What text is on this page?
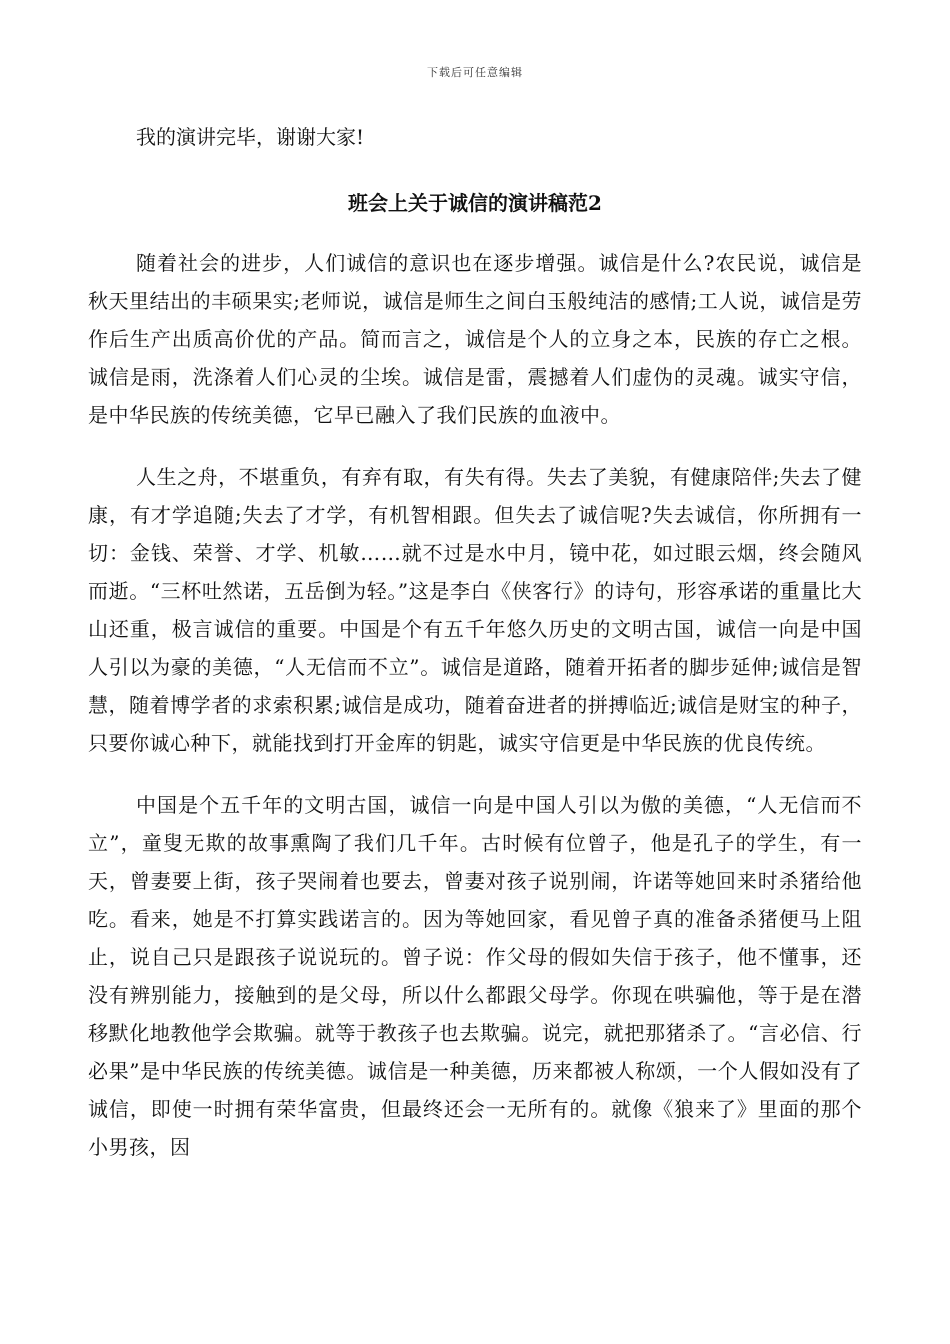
下载后可任意编辑

我的演讲完毕，谢谢大家!

班会上关于诚信的演讲稿范2

随着社会的进步，人们诚信的意识也在逐步增强。诚信是什么?农民说，诚信是秋天里结出的丰硕果实;老师说，诚信是师生之间白玉般纯洁的感情;工人说，诚信是劳作后生产出质高价优的产品。简而言之，诚信是个人的立身之本，民族的存亡之根。诚信是雨，洗涤着人们心灵的尘埃。诚信是雷，震撼着人们虚伪的灵魂。诚实守信，是中华民族的传统美德，它早已融入了我们民族的血液中。

人生之舟，不堪重负，有弃有取，有失有得。失去了美貌，有健康陪伴;失去了健康，有才学追随;失去了才学，有机智相跟。但失去了诚信呢?失去诚信，你所拥有一切：金钱、荣誉、才学、机敏……就不过是水中月，镜中花，如过眼云烟，终会随风而逝。“三杯吐然诺，五岳倒为轻。”这是李白《侠客行》的诗句，形容承诺的重量比大山还重，极言诚信的重要。中国是个有五千年悠久历史的文明古国，诚信一向是中国人引以为豪的美德，“人无信而不立”。诚信是道路，随着开拓者的脚步延伸;诚信是智慧，随着博学者的求索积累;诚信是成功，随着奋进者的拼搏临近;诚信是财宝的种子，只要你诚心种下，就能找到打开金库的钥匙，诚实守信更是中华民族的优良传统。

中国是个五千年的文明古国，诚信一向是中国人引以为傲的美德，“人无信而不立”，童叟无欺的故事熏陶了我们几千年。古时候有位曾子，他是孔子的学生，有一天，曾妻要上街，孩子哭闹着也要去，曾妻对孩子说别闹，许诺等她回来时杀猪给他吃。看来，她是不打算实践诺言的。因为等她回家，看见曾子真的准备杀猪便马上阻止，说自己只是跟孩子说说玩的。曾子说：作父母的假如失信于孩子，他不懂事，还没有辨别能力，接触到的是父母，所以什么都跟父母学。你现在哄骗他，等于是在潜移默化地教他学会欺骗。就等于教孩子也去欺骗。说完，就把那猪杀了。“言必信、行必果”是中华民族的传统美德。诚信是一种美德，历来都被人称颂，一个人假如没有了诚信，即使一时拥有荣华富贵，但最终还会一无所有的。就像《狼来了》里面的那个小男孩，因
